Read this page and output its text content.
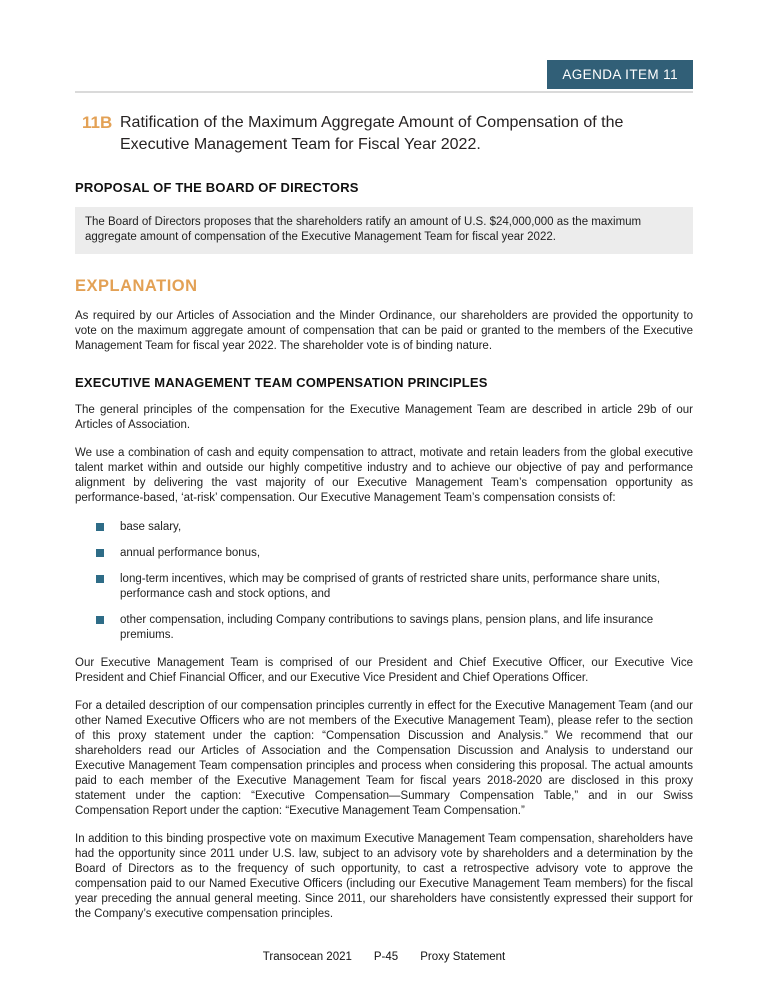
AGENDA ITEM 11
11B Ratification of the Maximum Aggregate Amount of Compensation of the Executive Management Team for Fiscal Year 2022.
PROPOSAL OF THE BOARD OF DIRECTORS
The Board of Directors proposes that the shareholders ratify an amount of U.S. $24,000,000 as the maximum aggregate amount of compensation of the Executive Management Team for fiscal year 2022.
EXPLANATION

As required by our Articles of Association and the Minder Ordinance, our shareholders are provided the opportunity to vote on the maximum aggregate amount of compensation that can be paid or granted to the members of the Executive Management Team for fiscal year 2022. The shareholder vote is of binding nature.

EXECUTIVE MANAGEMENT TEAM COMPENSATION PRINCIPLES

The general principles of the compensation for the Executive Management Team are described in article 29b of our Articles of Association.

We use a combination of cash and equity compensation to attract, motivate and retain leaders from the global executive talent market within and outside our highly competitive industry and to achieve our objective of pay and performance alignment by delivering the vast majority of our Executive Management Team’s compensation opportunity as performance-based, ‘at-risk’ compensation. Our Executive Management Team’s compensation consists of:

base salary,
annual performance bonus,
long-term incentives, which may be comprised of grants of restricted share units, performance share units, performance cash and stock options, and
other compensation, including Company contributions to savings plans, pension plans, and life insurance premiums.

Our Executive Management Team is comprised of our President and Chief Executive Officer, our Executive Vice President and Chief Financial Officer, and our Executive Vice President and Chief Operations Officer.

For a detailed description of our compensation principles currently in effect for the Executive Management Team (and our other Named Executive Officers who are not members of the Executive Management Team), please refer to the section of this proxy statement under the caption: “Compensation Discussion and Analysis.” We recommend that our shareholders read our Articles of Association and the Compensation Discussion and Analysis to understand our Executive Management Team compensation principles and process when considering this proposal. The actual amounts paid to each member of the Executive Management Team for fiscal years 2018-2020 are disclosed in this proxy statement under the caption: “Executive Compensation—Summary Compensation Table,” and in our Swiss Compensation Report under the caption: “Executive Management Team Compensation.”

In addition to this binding prospective vote on maximum Executive Management Team compensation, shareholders have had the opportunity since 2011 under U.S. law, subject to an advisory vote by shareholders and a determination by the Board of Directors as to the frequency of such opportunity, to cast a retrospective advisory vote to approve the compensation paid to our Named Executive Officers (including our Executive Management Team members) for the fiscal year preceding the annual general meeting. Since 2011, our shareholders have consistently expressed their support for the Company’s executive compensation principles.

Transocean 2021 P-45 Proxy Statement
